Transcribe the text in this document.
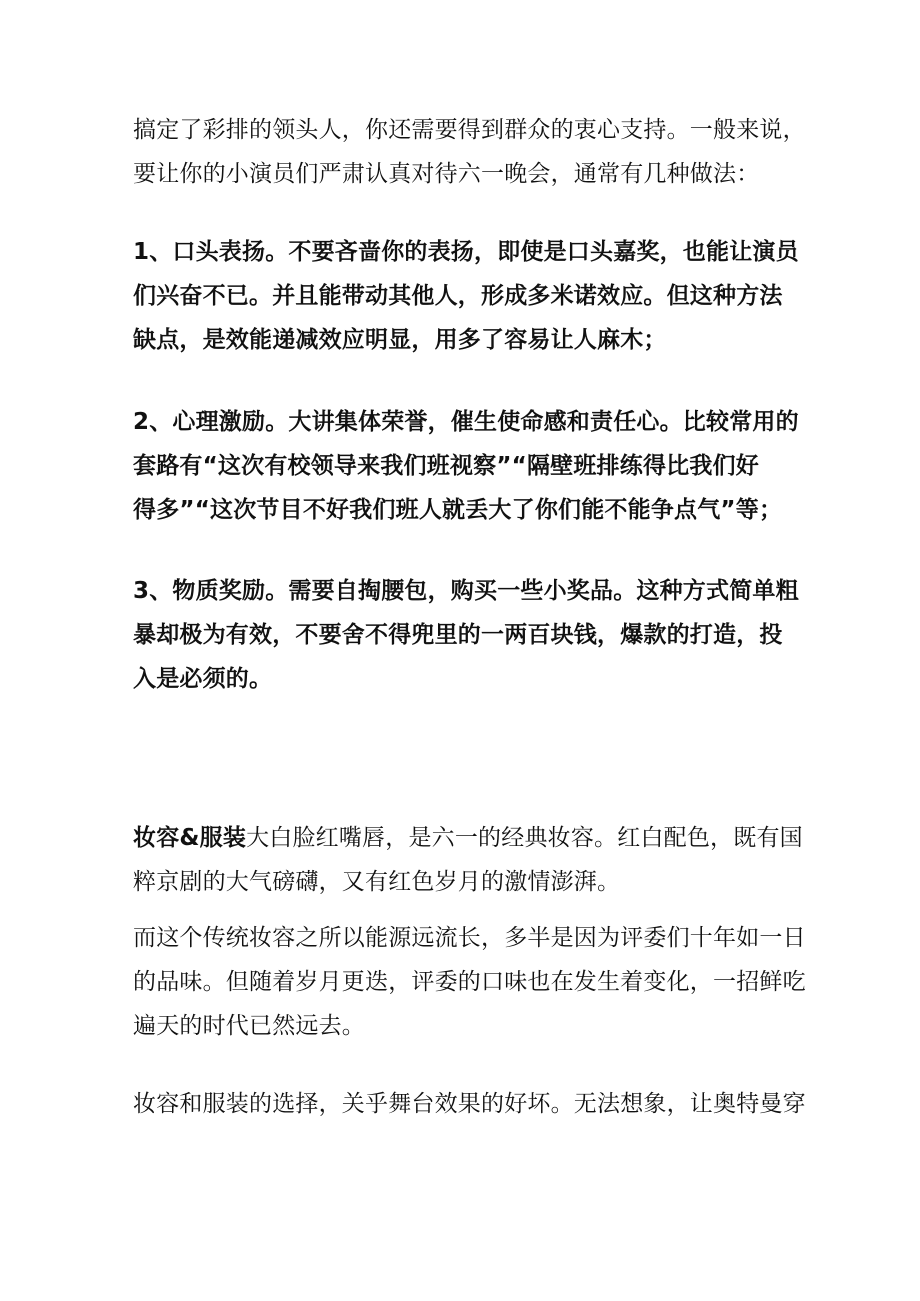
搞定了彩排的领头人，你还需要得到群众的衷心支持。一般来说，
要让你的小演员们严肃认真对待六一晚会，通常有几种做法：
1、口头表扬。不要吝啬你的表扬，即使是口头嘉奖，也能让演员
们兴奋不已。并且能带动其他人，形成多米诺效应。但这种方法
缺点，是效能递减效应明显，用多了容易让人麻木；
2、心理激励。大讲集体荣誉，催生使命感和责任心。比较常用的
套路有“这次有校领导来我们班视察”“隔壁班排练得比我们好
得多”“这次节目不好我们班人就丢大了你们能不能争点气”等；
3、物质奖励。需要自掏腰包，购买一些小奖品。这种方式简单粗
暴却极为有效，不要舍不得兜里的一两百块钱，爆款的打造，投
入是必须的。
妆容&服装大白脸红嘴唇，是六一的经典妆容。红白配色，既有国
粹京剧的大气磅礴，又有红色岁月的激情澎湃。
而这个传统妆容之所以能源远流长，多半是因为评委们十年如一日
的品味。但随着岁月更迭，评委的口味也在发生着变化，一招鲜吃
遍天的时代已然远去。
妆容和服装的选择，关乎舞台效果的好坏。无法想象，让奥特曼穿
